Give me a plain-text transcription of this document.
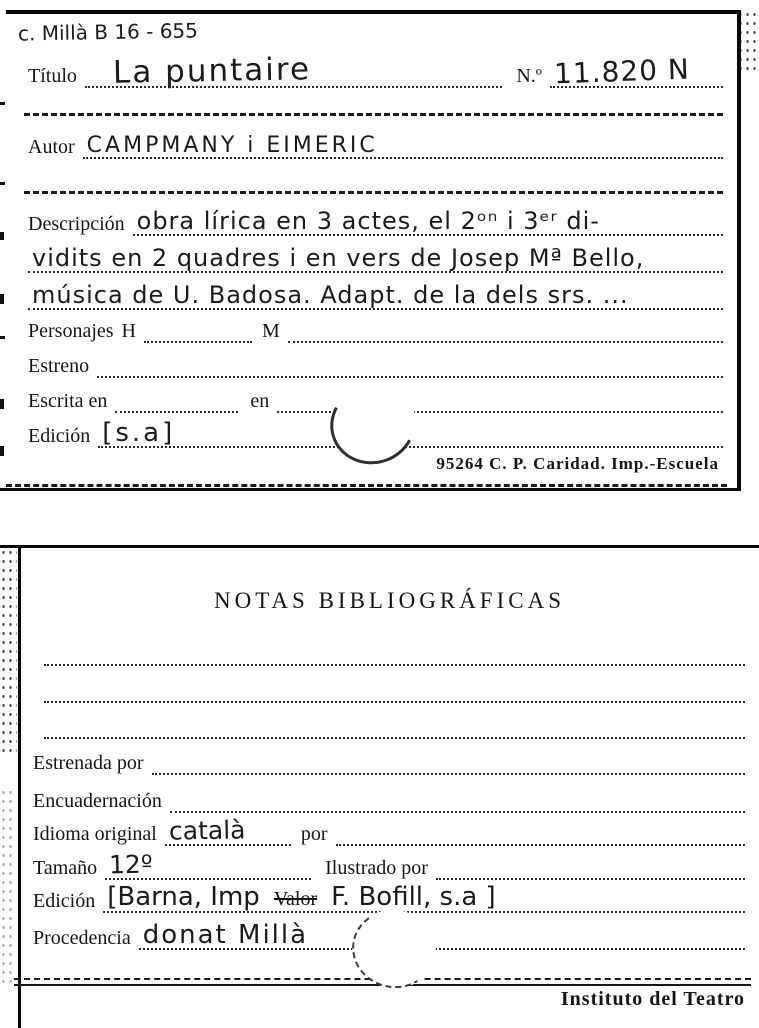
c. Millà B 16 - 655
Título	La puntaire	N.º 11.820 N
Autor CAMPMANY i EIMERIC
Descripción obra lírica en 3 actes, el 2ᵒⁿ i 3ᵉʳ di-
vidits en 2 quadres i en vers de Josep Mª Bello,
música de U. Badosa. Adapt. de la dels srs. ...
Personajes H	M
Estreno
Escrita en	en
Edición [s.a]
95264 C. P. Caridad. Imp.-Escuela
NOTAS BIBLIOGRÁFICAS
Estrenada por
Encuadernación
Idioma original català	por
Tamaño 12º	Ilustrado por
Edición [Barna, Imp Valor F. Bofill, s.a ]
Procedencia donat Millà
Instituto del Teatro
